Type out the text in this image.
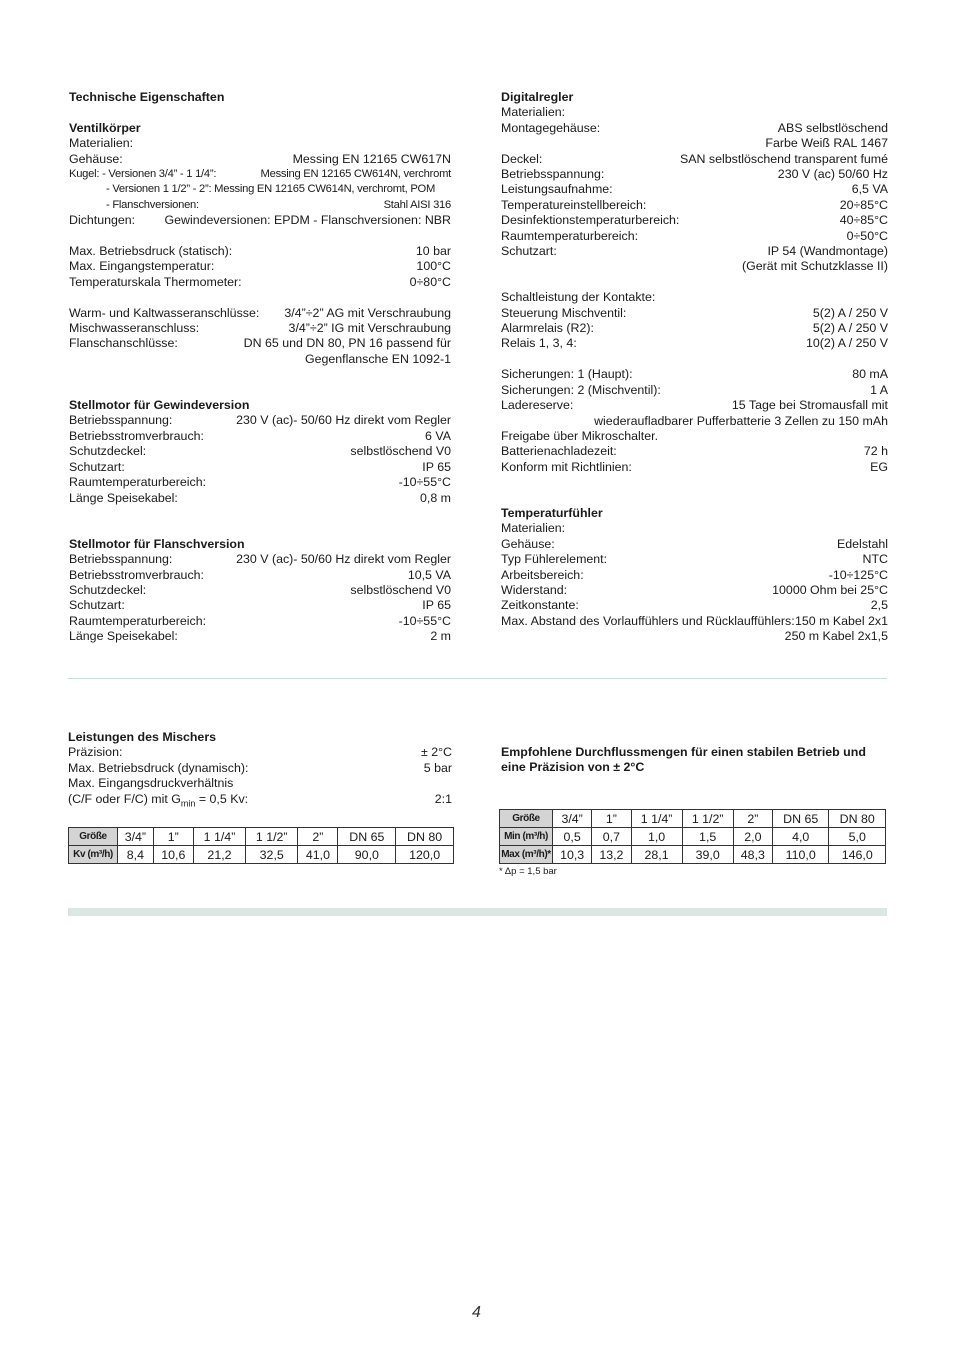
Technische Eigenschaften
Ventilkörper
Materialien:
Gehäuse:	Messing EN 12165 CW617N
Kugel: - Versionen 3/4” - 1 1/4”:	Messing EN 12165 CW614N, verchromt
- Versionen 1 1/2” - 2”: Messing EN 12165 CW614N, verchromt, POM
- Flanschversionen:	Stahl AISI 316
Dichtungen: Gewindeversionen: EPDM - Flanschversionen: NBR
Max. Betriebsdruck (statisch):	10 bar
Max. Eingangstemperatur:	100°C
Temperaturskala Thermometer:	0÷80°C
Warm- und Kaltwasseranschlüsse: 3/4”÷2” AG mit Verschraubung
Mischwasseranschluss:	3/4”÷2” IG mit Verschraubung
Flanschanschlüsse:	DN 65 und DN 80, PN 16 passend für
Gegenflansche EN 1092-1
Stellmotor für Gewindeversion
Betriebsspannung:	230 V (ac)- 50/60 Hz direkt vom Regler
Betriebsstromverbrauch:	6 VA
Schutzdeckel:	selbstlöschend V0
Schutzart:	IP 65
Raumtemperaturbereich:	-10÷55°C
Länge Speisekabel:	0,8 m
Stellmotor für Flanschversion
Betriebsspannung:	230 V (ac)- 50/60 Hz direkt vom Regler
Betriebsstromverbrauch:	10,5 VA
Schutzdeckel:	selbstlöschend V0
Schutzart:	IP 65
Raumtemperaturbereich:	-10÷55°C
Länge Speisekabel:	2 m
Digitalregler
Materialien:
Montagegehäuse:	ABS selbstlöschend
Farbe Weiß RAL 1467
Deckel:	SAN selbstlöschend transparent fumé
Betriebsspannung:	230 V (ac) 50/60 Hz
Leistungsaufnahme:	6,5 VA
Temperatureinstellbereich:	20÷85°C
Desinfektionstemperaturbereich:	40÷85°C
Raumtemperaturbereich:	0÷50°C
Schutzart:	IP 54 (Wandmontage)
(Gerät mit Schutzklasse II)
Schaltleistung der Kontakte:
Steuerung Mischventil:	5(2) A / 250 V
Alarmrelais (R2):	5(2) A / 250 V
Relais 1, 3, 4:	10(2) A / 250 V
Sicherungen: 1 (Haupt):	80 mA
Sicherungen: 2 (Mischventil):	1 A
Ladereserve:	15 Tage bei Stromausfall mit
wiederaufladbarer Pufferbatterie 3 Zellen zu 150 mAh
Freigabe über Mikroschalter.
Batterienachladezeit:	72 h
Konform mit Richtlinien:	EG
Temperaturfühler
Materialien:
Gehäuse:	Edelstahl
Typ Fühlerelement:	NTC
Arbeitsbereich:	-10÷125°C
Widerstand:	10000 Ohm bei 25°C
Zeitkonstante:	2,5
Max. Abstand des Vorlauffühlers und Rücklauffühlers: 150 m Kabel 2x1
250 m Kabel 2x1,5
Leistungen des Mischers
Präzision:	± 2°C
Max. Betriebsdruck (dynamisch):	5 bar
Max. Eingangsdruckverhältnis
(C/F oder F/C) mit $G_{min} = 0,5$ Kv:	2:1
Größe	3/4”	1”	1 1/4”	1 1/2”	2”	DN 65	DN 80
Kv (m³/h)	8,4	10,6	21,2	32,5	41,0	90,0	120,0
Empfohlene Durchflussmengen für einen stabilen Betrieb und eine Präzision von ± 2°C
Größe	3/4”	1”	1 1/4”	1 1/2”	2”	DN 65	DN 80
Min (m³/h)	0,5	0,7	1,0	1,5	2,0	4,0	5,0
Max (m³/h)*	10,3	13,2	28,1	39,0	48,3	110,0	146,0
* Δp = 1,5 bar
4
